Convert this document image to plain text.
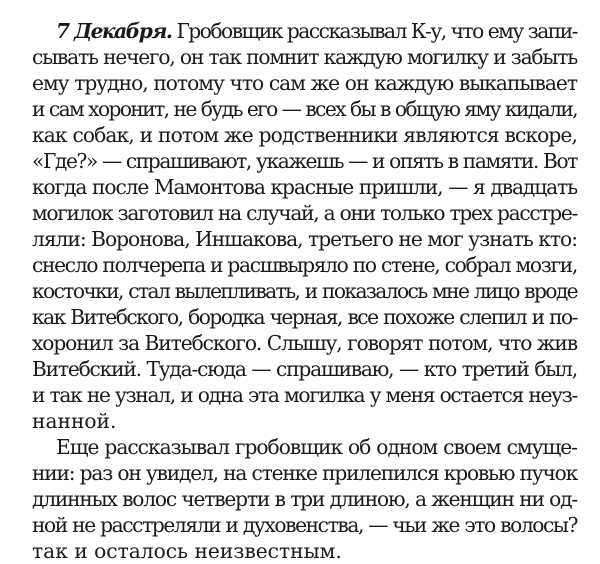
7 Декабря. Гробовщик рассказывал К-у, что ему запи-
сывать нечего, он так помнит каждую могилку и забыть
ему трудно, потому что сам же он каждую выкапывает
и сам хоронит, не будь его — всех бы в общую яму кидали,
как собак, и потом же родственники являются вскоре,
«Где?» — спрашивают, укажешь — и опять в памяти. Вот
когда после Мамонтова красные пришли, — я двадцать
могилок заготовил на случай, а они только трех расстре-
ляли: Воронова, Иншакова, третьего не мог узнать кто:
снесло полчерепа и расшвыряло по стене, собрал мозги,
косточки, стал вылепливать, и показалось мне лицо вроде
как Витебского, бородка черная, все похоже слепил и по-
хоронил за Витебского. Слышу, говорят потом, что жив
Витебский. Туда-сюда — спрашиваю, — кто третий был,
и так не узнал, и одна эта могилка у меня остается неуз-
нанной.
Еще рассказывал гробовщик об одном своем смуще-
нии: раз он увидел, на стенке прилепился кровью пучок
длинных волос четверти в три длиною, а женщин ни од-
ной не расстреляли и духовенства, — чьи же это волосы?
так и осталось неизвестным.
